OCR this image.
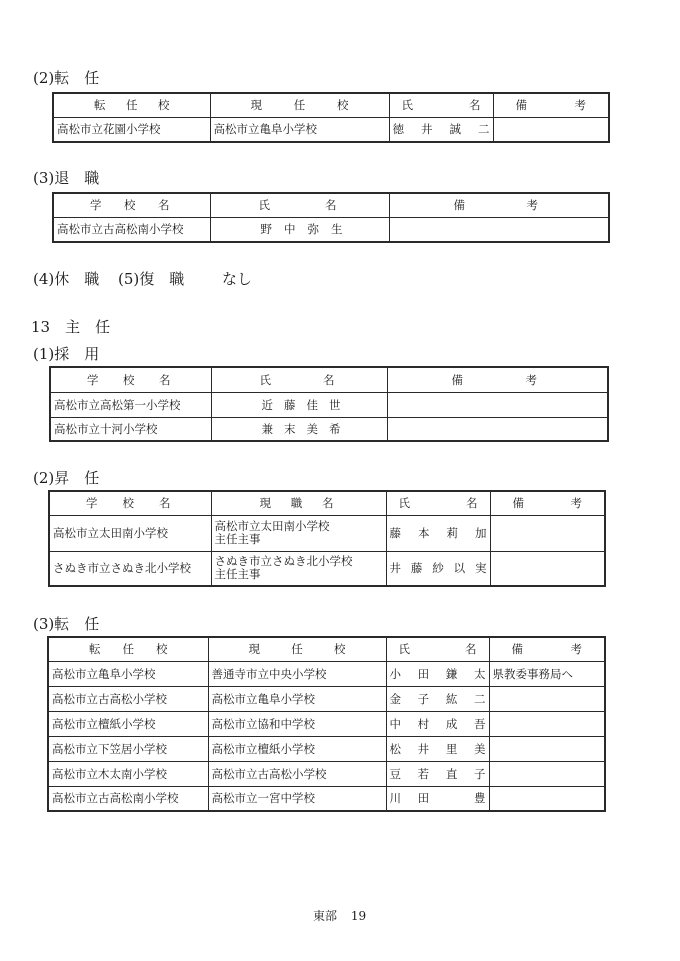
(2)転　任
転任校	現任校	氏名	備考
高松市立花園小学校	高松市立亀阜小学校	徳井誠二	
(3)退　職
学校名	氏名	備考
高松市立古高松南小学校	野中弥生	
(4)休　職 (5)復　職	なし
13　主　任
(1)採　用
学校名	氏名	備考
高松市立高松第一小学校	近藤佳世	
高松市立十河小学校	兼末美希	
(2)昇　任
学校名	現職名	氏名	備考
高松市立太田南小学校	高松市立太田南小学校
主任主事	藤本莉加	
さぬき市立さぬき北小学校	さぬき市立さぬき北小学校
主任主事	井藤紗以実	
(3)転　任
転任校	現任校	氏名	備考
高松市立亀阜小学校	善通寺市立中央小学校	小田鎌太	県教委事務局へ
高松市立古高松小学校	高松市立亀阜小学校	金子紘二	
高松市立檀紙小学校	高松市立協和中学校	中村成吾	
高松市立下笠居小学校	高松市立檀紙小学校	松井里美	
高松市立木太南小学校	高松市立古高松小学校	豆若直子	
高松市立古高松南小学校	高松市立一宮中学校	川田　豊	
東部 19
